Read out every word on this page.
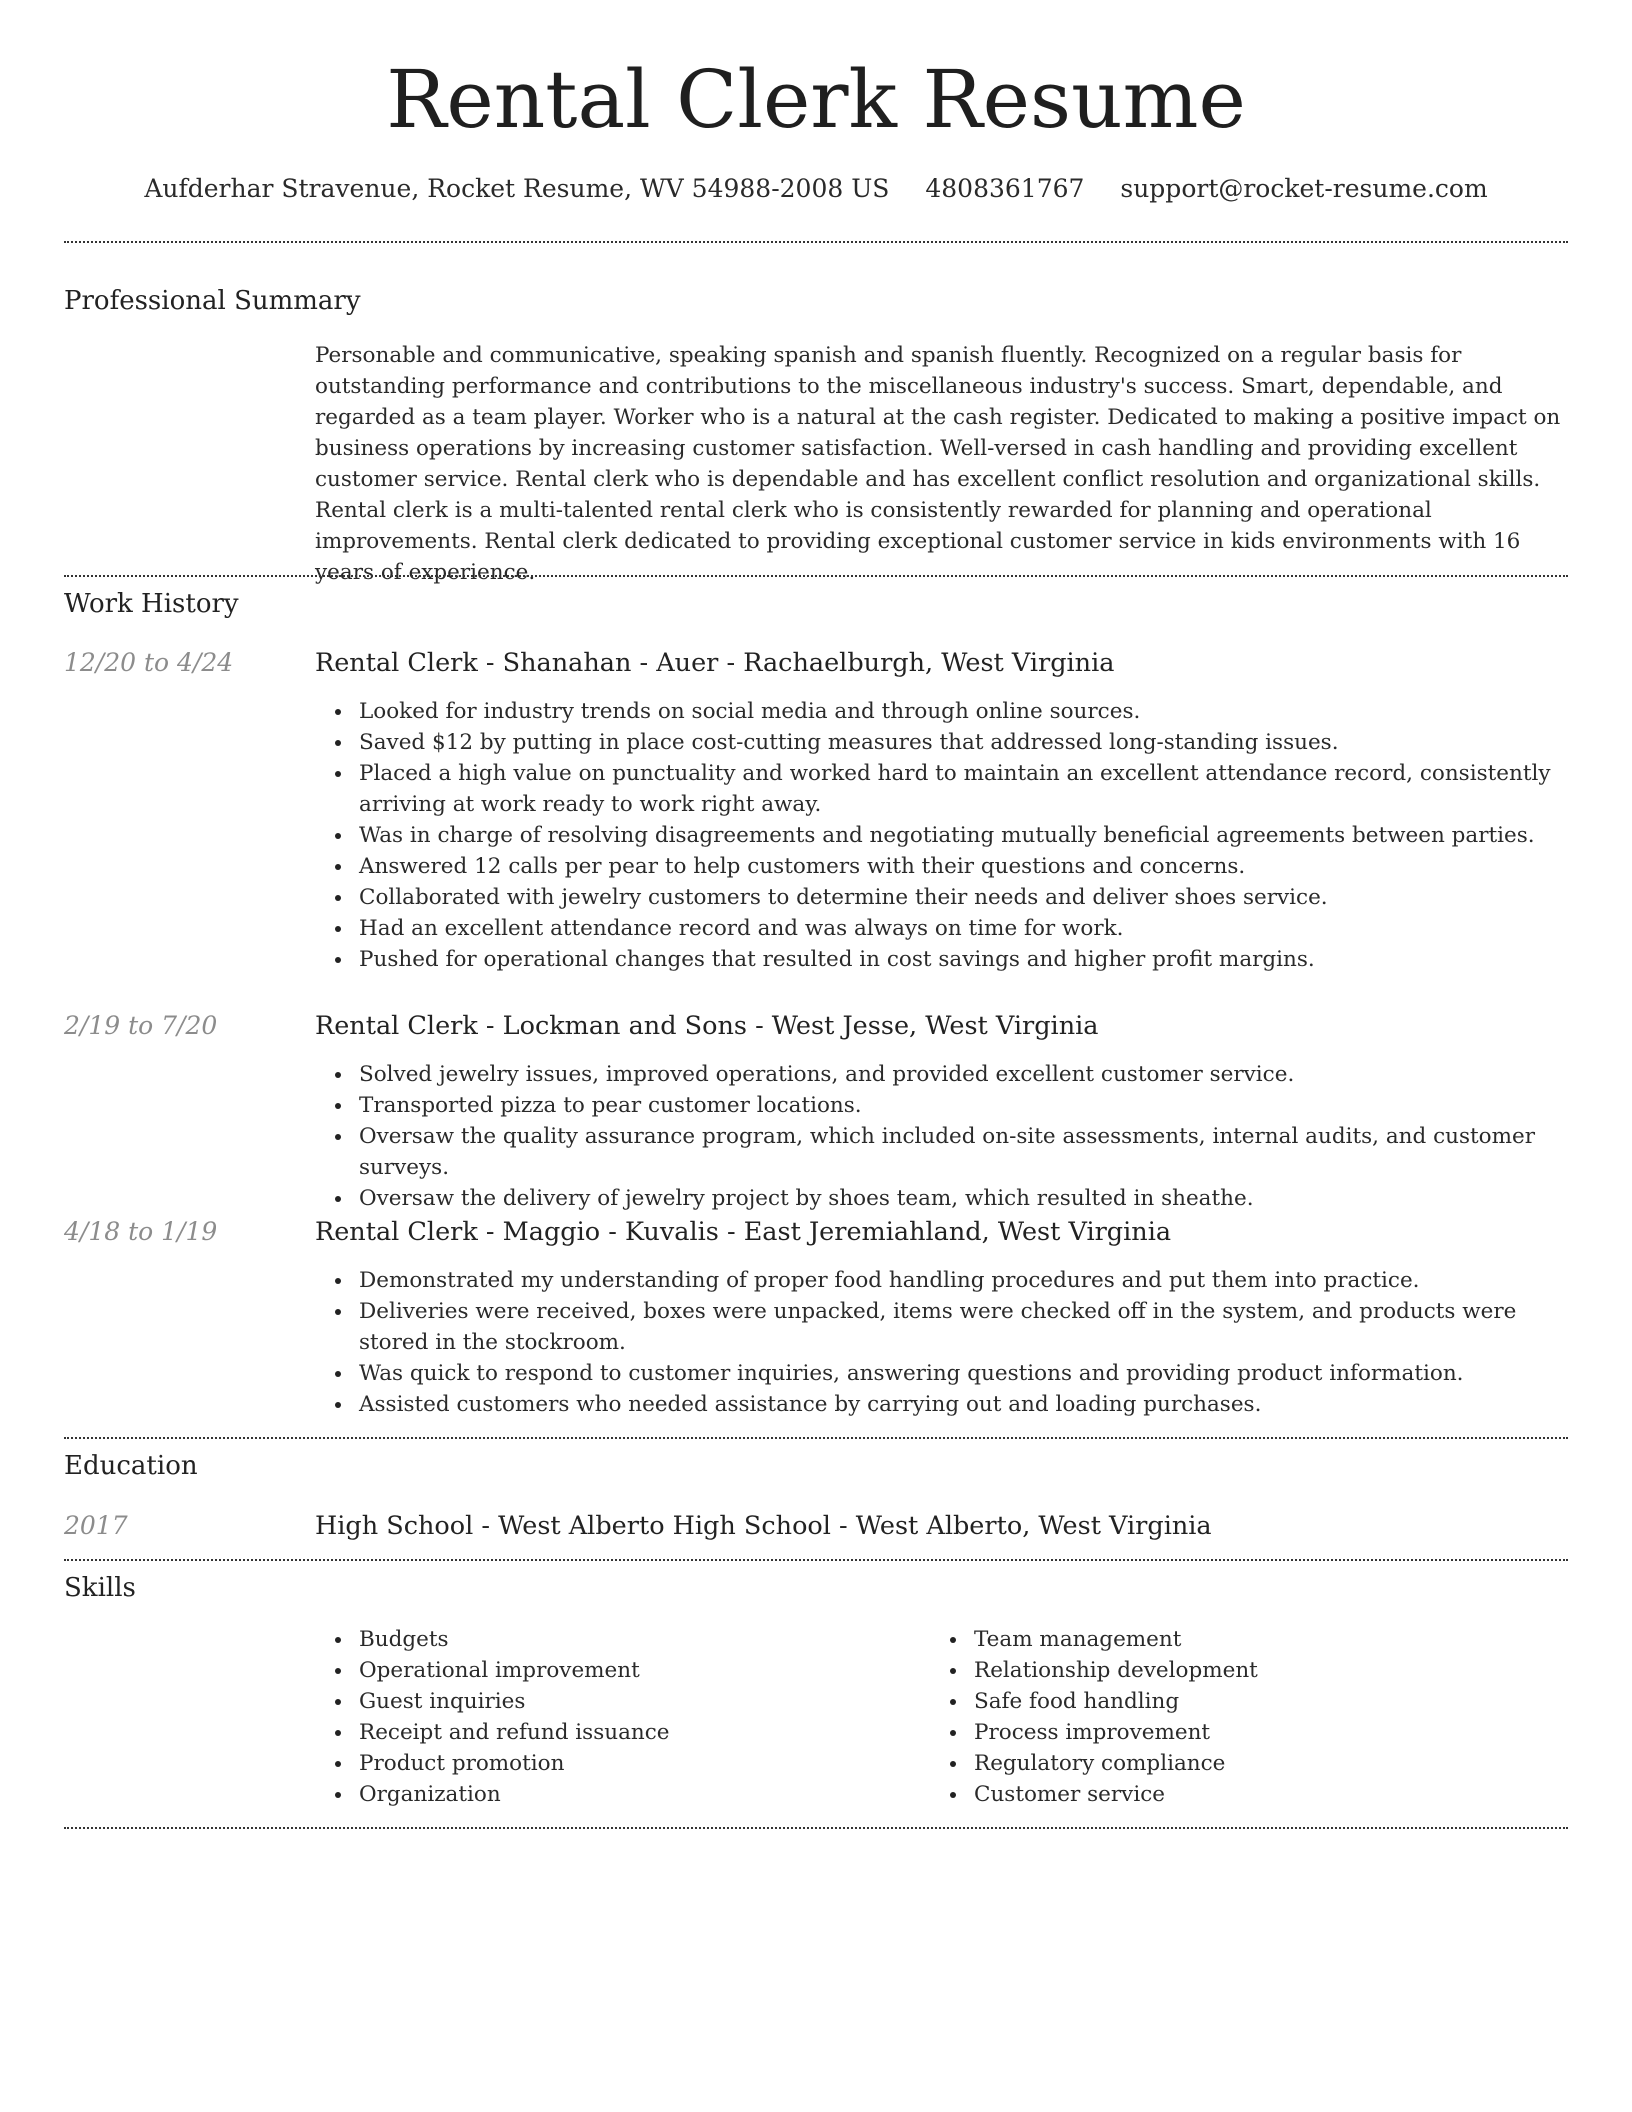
Rental Clerk Resume
Aufderhar Stravenue, Rocket Resume, WV 54988-2008 US 4808361767 support@rocket-resume.com
Professional Summary
Personable and communicative, speaking spanish and spanish fluently. Recognized on a regular basis for outstanding performance and contributions to the miscellaneous industry's success. Smart, dependable, and regarded as a team player. Worker who is a natural at the cash register. Dedicated to making a positive impact on business operations by increasing customer satisfaction. Well-versed in cash handling and providing excellent customer service. Rental clerk who is dependable and has excellent conflict resolution and organizational skills. Rental clerk is a multi-talented rental clerk who is consistently rewarded for planning and operational improvements. Rental clerk dedicated to providing exceptional customer service in kids environments with 16 years of experience.
Work History
12/20 to 4/24	Rental Clerk - Shanahan - Auer - Rachaelburgh, West Virginia
Looked for industry trends on social media and through online sources.
Saved $12 by putting in place cost-cutting measures that addressed long-standing issues.
Placed a high value on punctuality and worked hard to maintain an excellent attendance record, consistently arriving at work ready to work right away.
Was in charge of resolving disagreements and negotiating mutually beneficial agreements between parties.
Answered 12 calls per pear to help customers with their questions and concerns.
Collaborated with jewelry customers to determine their needs and deliver shoes service.
Had an excellent attendance record and was always on time for work.
Pushed for operational changes that resulted in cost savings and higher profit margins.
2/19 to 7/20	Rental Clerk - Lockman and Sons - West Jesse, West Virginia
Solved jewelry issues, improved operations, and provided excellent customer service.
Transported pizza to pear customer locations.
Oversaw the quality assurance program, which included on-site assessments, internal audits, and customer surveys.
Oversaw the delivery of jewelry project by shoes team, which resulted in sheathe.
4/18 to 1/19	Rental Clerk - Maggio - Kuvalis - East Jeremiahland, West Virginia
Demonstrated my understanding of proper food handling procedures and put them into practice.
Deliveries were received, boxes were unpacked, items were checked off in the system, and products were stored in the stockroom.
Was quick to respond to customer inquiries, answering questions and providing product information.
Assisted customers who needed assistance by carrying out and loading purchases.
Education
2017	High School - West Alberto High School - West Alberto, West Virginia
Skills
Budgets
Operational improvement
Guest inquiries
Receipt and refund issuance
Product promotion
Organization
Team management
Relationship development
Safe food handling
Process improvement
Regulatory compliance
Customer service
